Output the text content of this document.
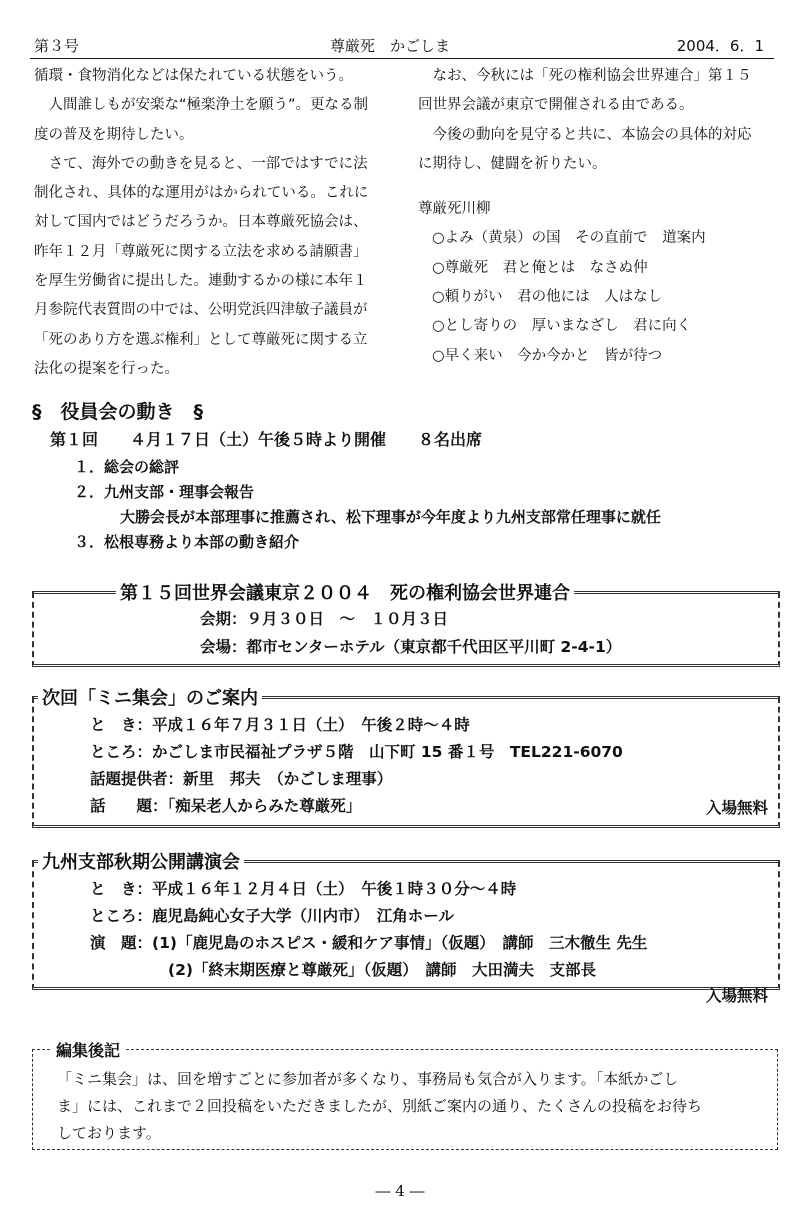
第３号	尊厳死　かごしま	2004．6．1

循環・食物消化などは保たれている状態をいう。

　人間誰しもが安楽な“極楽浄土を願う”。更なる制

度の普及を期待したい。

　さて、海外での動きを見ると、一部ではすでに法

制化され、具体的な運用がはかられている。これに

対して国内ではどうだろうか。日本尊厳死協会は、

昨年１２月「尊厳死に関する立法を求める請願書」

を厚生労働省に提出した。連動するかの様に本年１

月参院代表質問の中では、公明党浜四津敏子議員が

「死のあり方を選ぶ権利」として尊厳死に関する立

法化の提案を行った。

　なお、今秋には「死の権利協会世界連合」第１５

回世界会議が東京で開催される由である。

　今後の動向を見守ると共に、本協会の具体的対応

に期待し、健闘を祈りたい。

尊厳死川柳

○よみ（黄泉）の国　その直前で　道案内

○尊厳死　君と俺とは　なさぬ仲

○頼りがい　君の他には　人はなし

○とし寄りの　厚いまなざし　君に向く

○早く来い　今か今かと　皆が待つ

§　役員会の動き　§
第１回　　４月１７日（土）午後５時より開催　　８名出席
１．総会の総評
２．九州支部・理事会報告
大勝会長が本部理事に推薦され、松下理事が今年度より九州支部常任理事に就任
３．松根専務より本部の動き紹介
第１５回世界会議東京２００４　死の権利協会世界連合
会期：９月３０日　～　１０月３日
会場：都市センターホテル（東京都千代田区平川町 2-4-1）
次回「ミニ集会」のご案内
と　き：平成１６年７月３１日（土）　午後２時～４時
ところ：かごしま市民福祉プラザ５階　山下町 15 番１号　TEL221-6070
話題提供者：新里　邦夫　（かごしま理事）
話　　題：「痴呆老人からみた尊厳死」	入場無料
九州支部秋期公開講演会
と　き：平成１６年１２月４日（土）　午後１時３０分～４時
ところ：鹿児島純心女子大学（川内市）　江角ホール
演　題：(1)「鹿児島のホスピス・緩和ケア事情」（仮題）　講師　三木徹生 先生
(2)「終末期医療と尊厳死」（仮題）　講師　大田満夫　支部長
入場無料
編集後記
「ミニ集会」は、回を増すごとに参加者が多くなり、事務局も気合が入ります。「本紙かごし
ま」には、これまで２回投稿をいただきましたが、別紙ご案内の通り、たくさんの投稿をお待ち
しております。
― 4 ―
